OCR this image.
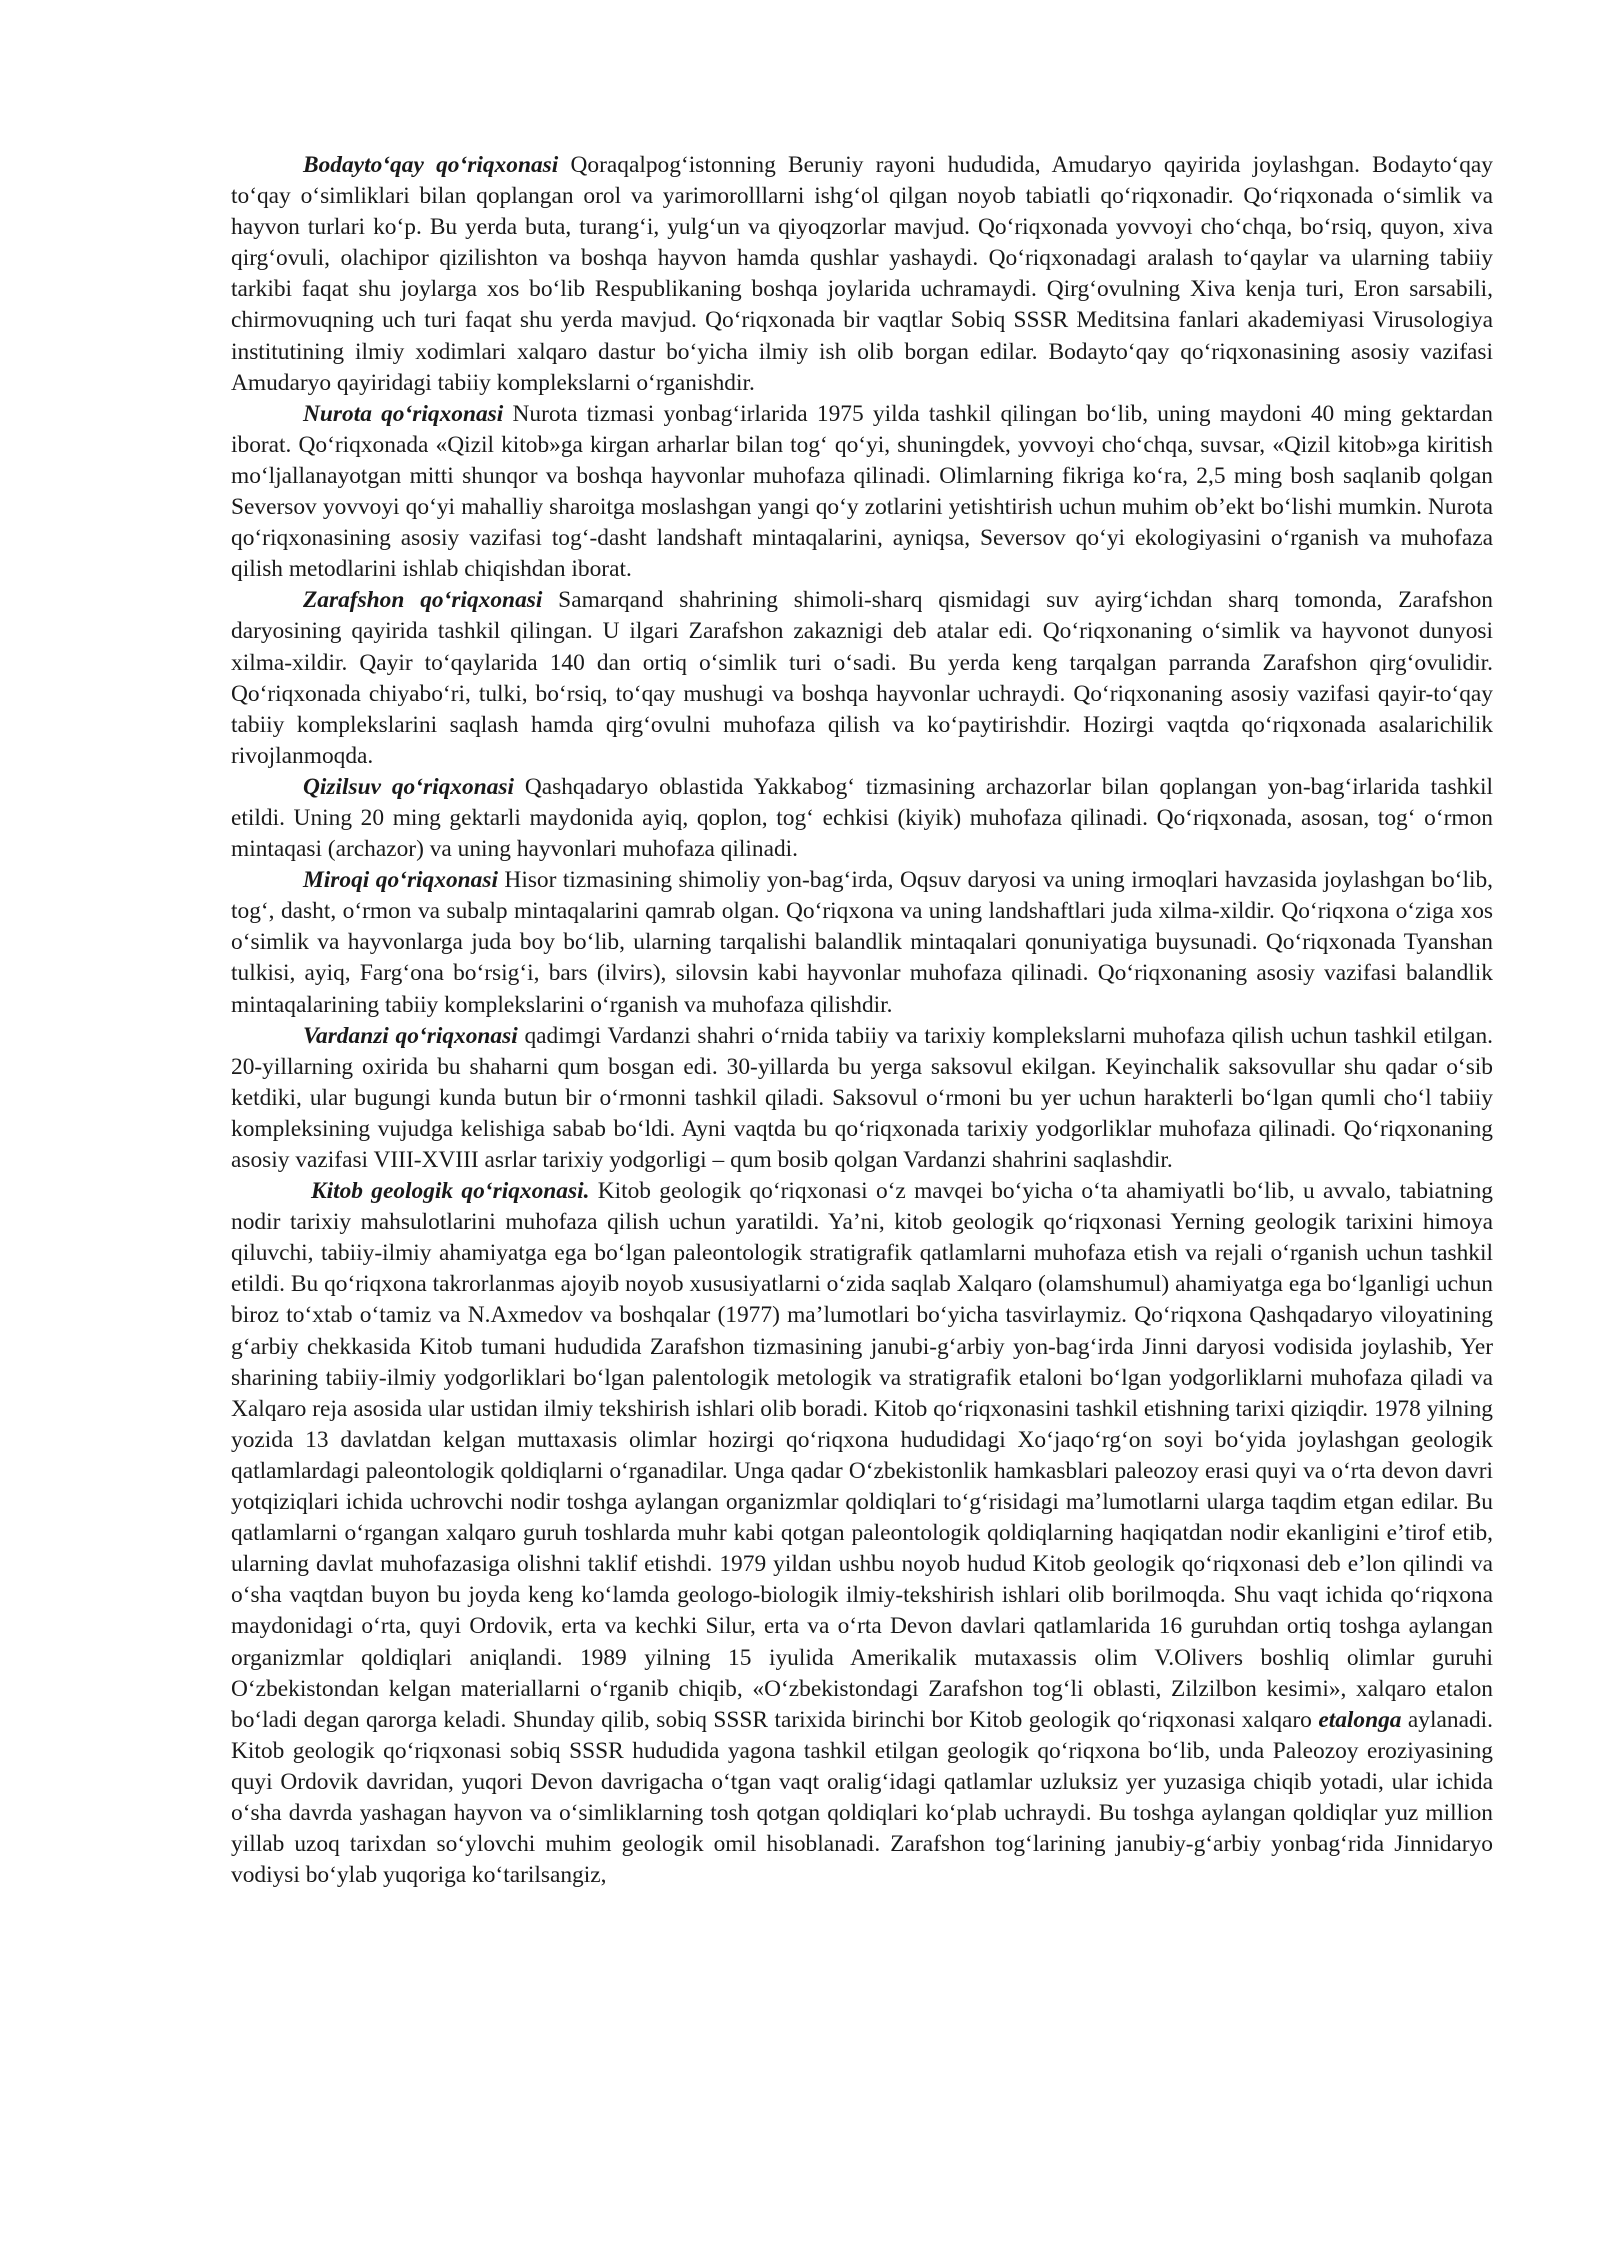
Bodaytoʻqay qoʻriqxonasi Qoraqalpogʻistonning Beruniy rayoni hududida, Amudaryo qayirida joylashgan. Bodaytoʻqay toʻqay oʻsimliklari bilan qoplangan orol va yarimorolllarni ishgʻol qilgan noyob tabiatli qoʻriqxonadir. Qoʻriqxonada oʻsimlik va hayvon turlari koʻp. Bu yerda buta, turangʻi, yulgʻun va qiyoqzorlar mavjud. Qoʻriqxonada yovvoyi choʻchqa, boʻrsiq, quyon, xiva qirgʻovuli, olachipor qizilishton va boshqa hayvon hamda qushlar yashaydi. Qoʻriqxonadagi aralash toʻqaylar va ularning tabiiy tarkibi faqat shu joylarga xos boʻlib Respublikaning boshqa joylarida uchramaydi. Qirgʻovulning Xiva kenja turi, Eron sarsabili, chirmovuqning uch turi faqat shu yerda mavjud. Qoʻriqxonada bir vaqtlar Sobiq SSSR Meditsina fanlari akademiyasi Virusologiya institutining ilmiy xodimlari xalqaro dastur boʻyicha ilmiy ish olib borgan edilar. Bodaytoʻqay qoʻriqxonasining asosiy vazifasi Amudaryo qayiridagi tabiiy komplekslarni oʻrganishdir.

Nurota qoʻriqxonasi Nurota tizmasi yonbagʻirlarida 1975 yilda tashkil qilingan boʻlib, uning maydoni 40 ming gektardan iborat. Qoʻriqxonada «Qizil kitob»ga kirgan arharlar bilan togʻ qoʻyi, shuningdek, yovvoyi choʻchqa, suvsar, «Qizil kitob»ga kiritish moʻljallanayotgan mitti shunqor va boshqa hayvonlar muhofaza qilinadi. Olimlarning fikriga koʻra, 2,5 ming bosh saqlanib qolgan Seversov yovvoyi qoʻyi mahalliy sharoitga moslashgan yangi qoʻy zotlarini yetishtirish uchun muhim obʼekt boʻlishi mumkin. Nurota qoʻriqxonasining asosiy vazifasi togʻ-dasht landshaft mintaqalarini, ayniqsa, Seversov qoʻyi ekologiyasini oʻrganish va muhofaza qilish metodlarini ishlab chiqishdan iborat.

Zarafshon qoʻriqxonasi Samarqand shahrining shimoli-sharq qismidagi suv ayirgʻichdan sharq tomonda, Zarafshon daryosining qayirida tashkil qilingan. U ilgari Zarafshon zakaznigi deb atalar edi. Qoʻriqxonaning oʻsimlik va hayvonot dunyosi xilma-xildir. Qayir toʻqaylarida 140 dan ortiq oʻsimlik turi oʻsadi. Bu yerda keng tarqalgan parranda Zarafshon qirgʻovulidir. Qoʻriqxonada chiyaboʻri, tulki, boʻrsiq, toʻqay mushugi va boshqa hayvonlar uchraydi. Qoʻriqxonaning asosiy vazifasi qayir-toʻqay tabiiy komplekslarini saqlash hamda qirgʻovulni muhofaza qilish va koʻpaytirishdir. Hozirgi vaqtda qoʻriqxonada asalarichilik rivojlanmoqda.

Qizilsuv qoʻriqxonasi Qashqadaryo oblastida Yakkabogʻ tizmasining archazorlar bilan qoplangan yon-bagʻirlarida tashkil etildi. Uning 20 ming gektarli maydonida ayiq, qoplon, togʻ echkisi (kiyik) muhofaza qilinadi. Qoʻriqxonada, asosan, togʻ oʻrmon mintaqasi (archazor) va uning hayvonlari muhofaza qilinadi.

Miroqi qoʻriqxonasi Hisor tizmasining shimoliy yon-bagʻirda, Oqsuv daryosi va uning irmoqlari havzasida joylashgan boʻlib, togʻ, dasht, oʻrmon va subalp mintaqalarini qamrab olgan. Qoʻriqxona va uning landshaftlari juda xilma-xildir. Qoʻriqxona oʻziga xos oʻsimlik va hayvonlarga juda boy boʻlib, ularning tarqalishi balandlik mintaqalari qonuniyatiga buysunadi. Qoʻriqxonada Tyanshan tulkisi, ayiq, Fargʻona boʻrsigʻi, bars (ilvirs), silovsin kabi hayvonlar muhofaza qilinadi. Qoʻriqxonaning asosiy vazifasi balandlik mintaqalarining tabiiy komplekslarini oʻrganish va muhofaza qilishdir.

Vardanzi qoʻriqxonasi qadimgi Vardanzi shahri oʻrnida tabiiy va tarixiy komplekslarni muhofaza qilish uchun tashkil etilgan. 20-yillarning oxirida bu shaharni qum bosgan edi. 30-yillarda bu yerga saksovul ekilgan. Keyinchalik saksovullar shu qadar oʻsib ketdiki, ular bugungi kunda butun bir oʻrmonni tashkil qiladi. Saksovul oʻrmoni bu yer uchun harakterli boʻlgan qumli choʻl tabiiy kompleksining vujudga kelishiga sabab boʻldi. Ayni vaqtda bu qoʻriqxonada tarixiy yodgorliklar muhofaza qilinadi. Qoʻriqxonaning asosiy vazifasi VIII-XVIII asrlar tarixiy yodgorligi – qum bosib qolgan Vardanzi shahrini saqlashdir.

Kitob geologik qoʻriqxonasi. Kitob geologik qoʻriqxonasi oʻz mavqei boʻyicha oʻta ahamiyatli boʻlib, u avvalo, tabiatning nodir tarixiy mahsulotlarini muhofaza qilish uchun yaratildi. Yaʼni, kitob geologik qoʻriqxonasi Yerning geologik tarixini himoya qiluvchi, tabiiy-ilmiy ahamiyatga ega boʻlgan paleontologik stratigrafik qatlamlarni muhofaza etish va rejali oʻrganish uchun tashkil etildi. Bu qoʻriqxona takrorlanmas ajoyib noyob xususiyatlarni oʻzida saqlab Xalqaro (olamshumul) ahamiyatga ega boʻlganligi uchun biroz toʻxtab oʻtamiz va N.Axmedov va boshqalar (1977) maʼlumotlari boʻyicha tasvirlaymiz. Qoʻriqxona Qashqadaryo viloyatining gʻarbiy chekkasida Kitob tumani hududida Zarafshon tizmasining janubi-gʻarbiy yon-bagʻirda Jinni daryosi vodisida joylashib, Yer sharining tabiiy-ilmiy yodgorliklari boʻlgan palentologik metologik va stratigrafik etaloni boʻlgan yodgorliklarni muhofaza qiladi va Xalqaro reja asosida ular ustidan ilmiy tekshirish ishlari olib boradi. Kitob qoʻriqxonasini tashkil etishning tarixi qiziqdir. 1978 yilning yozida 13 davlatdan kelgan muttaxasis olimlar hozirgi qoʻriqxona hududidagi Xoʻjaqoʻrgʻon soyi boʻyida joylashgan geologik qatlamlardagi paleontologik qoldiqlarni oʻrganadilar. Unga qadar Oʻzbekistonlik hamkasblari paleozoy erasi quyi va oʻrta devon davri yotqiziqlari ichida uchrovchi nodir toshga aylangan organizmlar qoldiqlari toʻgʻrisidagi maʼlumotlarni ularga taqdim etgan edilar. Bu qatlamlarni oʻrgangan xalqaro guruh toshlarda muhr kabi qotgan paleontologik qoldiqlarning haqiqatdan nodir ekanligini eʼtirof etib, ularning davlat muhofazasiga olishni taklif etishdi. 1979 yildan ushbu noyob hudud Kitob geologik qoʻriqxonasi deb eʼlon qilindi va oʻsha vaqtdan buyon bu joyda keng koʻlamda geologo-biologik ilmiy-tekshirish ishlari olib borilmoqda. Shu vaqt ichida qoʻriqxona maydonidagi oʻrta, quyi Ordovik, erta va kechki Silur, erta va oʻrta Devon davlari qatlamlarida 16 guruhdan ortiq toshga aylangan organizmlar qoldiqlari aniqlandi. 1989 yilning 15 iyulida Amerikalik mutaxassis olim V.Olivers boshliq olimlar guruhi Oʻzbekistondan kelgan materiallarni oʻrganib chiqib, «Oʻzbekistondagi Zarafshon togʻli oblasti, Zilzilbon kesimi», xalqaro etalon boʻladi degan qarorga keladi. Shunday qilib, sobiq SSSR tarixida birinchi bor Kitob geologik qoʻriqxonasi xalqaro etalonga aylanadi. Kitob geologik qoʻriqxonasi sobiq SSSR hududida yagona tashkil etilgan geologik qoʻriqxona boʻlib, unda Paleozoy eroziyasining quyi Ordovik davridan, yuqori Devon davrigacha oʻtgan vaqt oraligʻidagi qatlamlar uzluksiz yer yuzasiga chiqib yotadi, ular ichida oʻsha davrda yashagan hayvon va oʻsimliklarning tosh qotgan qoldiqlari koʻplab uchraydi. Bu toshga aylangan qoldiqlar yuz million yillab uzoq tarixdan soʻylovchi muhim geologik omil hisoblanadi. Zarafshon togʻlarining janubiy-gʻarbiy yonbagʻrida Jinnidaryo vodiysi boʻylab yuqoriga koʻtarilsangiz,
